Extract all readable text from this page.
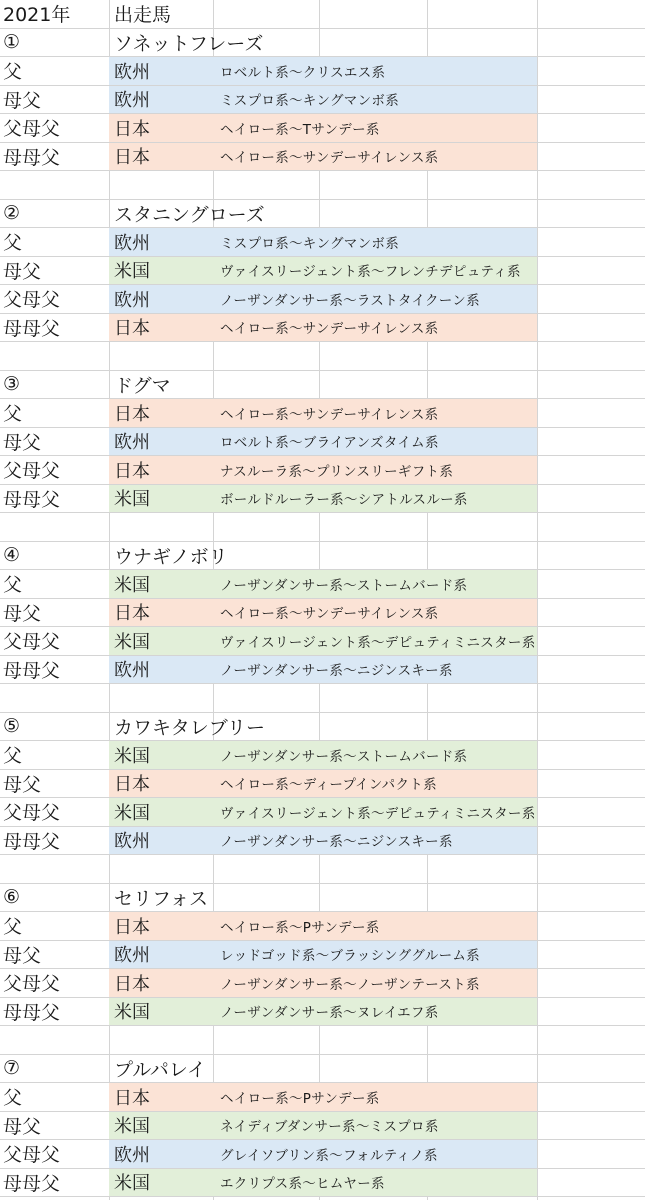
2021年 出走馬
①	ソネットフレーズ
父	欧州	ロベルト系〜クリスエス系
母父	欧州	ミスプロ系〜キングマンボ系
父母父	日本	ヘイロー系〜Tサンデー系
母母父	日本	ヘイロー系〜サンデーサイレンス系
②	スタニングローズ
父	欧州	ミスプロ系〜キングマンボ系
母父	米国	ヴァイスリージェント系〜フレンチデピュティ系
父母父	欧州	ノーザンダンサー系〜ラストタイクーン系
母母父	日本	ヘイロー系〜サンデーサイレンス系
③	ドグマ
父	日本	ヘイロー系〜サンデーサイレンス系
母父	欧州	ロベルト系〜ブライアンズタイム系
父母父	日本	ナスルーラ系〜プリンスリーギフト系
母母父	米国	ボールドルーラー系〜シアトルスルー系
④	ウナギノボリ
父	米国	ノーザンダンサー系〜ストームバード系
母父	日本	ヘイロー系〜サンデーサイレンス系
父母父	米国	ヴァイスリージェント系〜デピュティミニスター系
母母父	欧州	ノーザンダンサー系〜ニジンスキー系
⑤	カワキタレブリー
父	米国	ノーザンダンサー系〜ストームバード系
母父	日本	ヘイロー系〜ディープインパクト系
父母父	米国	ヴァイスリージェント系〜デピュティミニスター系
母母父	欧州	ノーザンダンサー系〜ニジンスキー系
⑥	セリフォス
父	日本	ヘイロー系〜Pサンデー系
母父	欧州	レッドゴッド系〜ブラッシンググルーム系
父母父	日本	ノーザンダンサー系〜ノーザンテースト系
母母父	米国	ノーザンダンサー系〜ヌレイエフ系
⑦	プルパレイ
父	日本	ヘイロー系〜Pサンデー系
母父	米国	ネイディブダンサー系〜ミスプロ系
父母父	欧州	グレイソブリン系〜フォルティノ系
母母父	米国	エクリプス系〜ヒムヤー系
